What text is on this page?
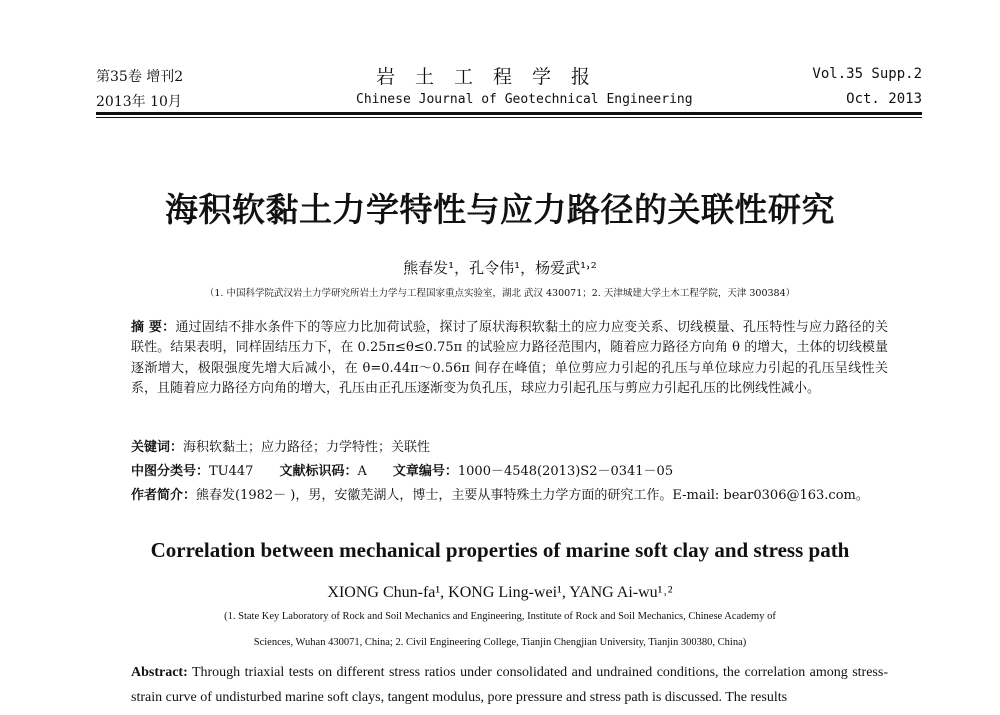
第35卷 增刊2
2013年 10月
岩土工程学报
Chinese Journal of Geotechnical Engineering
Vol.35 Supp.2
Oct. 2013
海积软黏土力学特性与应力路径的关联性研究
熊春发¹，孔令伟¹，杨爱武¹˒²
（1. 中国科学院武汉岩土力学研究所岩土力学与工程国家重点实验室，湖北 武汉 430071；2. 天津城建大学土木工程学院，天津 300384）
摘 要：通过固结不排水条件下的等应力比加荷试验，探讨了原状海积软黏土的应力应变关系、切线模量、孔压特性与应力路径的关联性。结果表明，同样固结压力下，在 0.25π≤θ≤0.75π 的试验应力路径范围内，随着应力路径方向角 θ 的增大，土体的切线模量逐渐增大，极限强度先增大后减小，在 θ=0.44π～0.56π 间存在峰值；单位剪应力引起的孔压与单位球应力引起的孔压呈线性关系，且随着应力路径方向角的增大，孔压由正孔压逐渐变为负孔压，球应力引起孔压与剪应力引起孔压的比例线性减小。
关键词：海积软黏土；应力路径；力学特性；关联性
中图分类号：TU447 文献标识码：A 文章编号：1000－4548(2013)S2－0341－05
作者简介：熊春发(1982－ )，男，安徽芜湖人，博士，主要从事特殊土力学方面的研究工作。E-mail: bear0306@163.com。
Correlation between mechanical properties of marine soft clay and stress path
XIONG Chun-fa¹, KONG Ling-wei¹, YANG Ai-wu¹˒²
(1. State Key Laboratory of Rock and Soil Mechanics and Engineering, Institute of Rock and Soil Mechanics, Chinese Academy of
Sciences, Wuhan 430071, China; 2. Civil Engineering College, Tianjin Chengjian University, Tianjin 300380, China)
Abstract: Through triaxial tests on different stress ratios under consolidated and undrained conditions, the correlation among stress-strain curve of undisturbed marine soft clays, tangent modulus, pore pressure and stress path is discussed. The results
